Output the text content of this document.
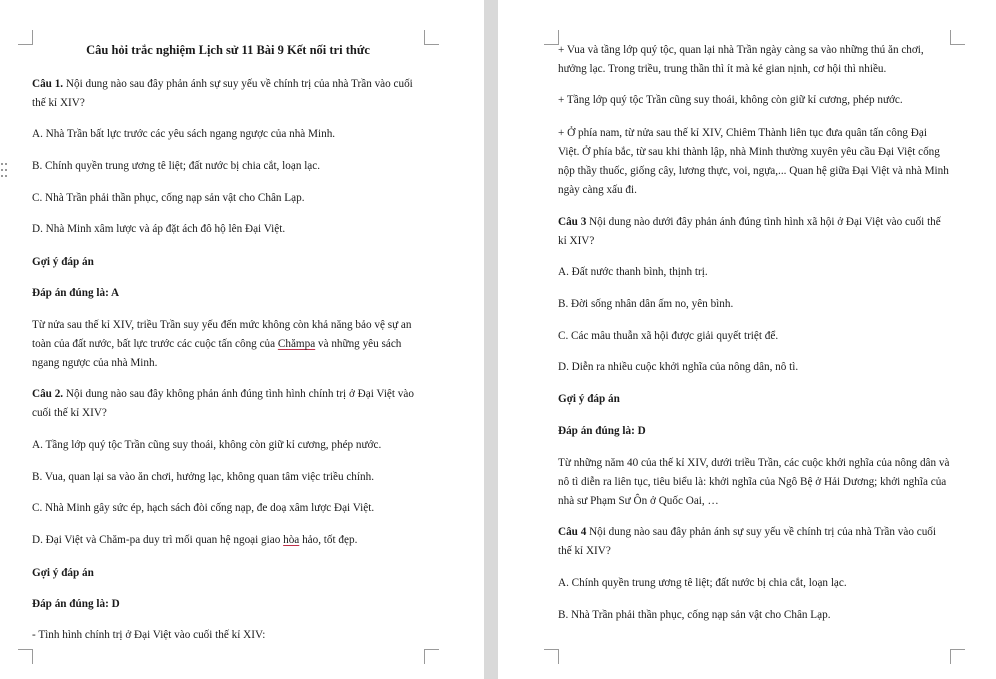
Câu hỏi trắc nghiệm Lịch sử 11 Bài 9 Kết nối tri thức
Câu 1. Nội dung nào sau đây phản ánh sự suy yếu về chính trị của nhà Trần vào cuối thế kỉ XIV?
A. Nhà Trần bất lực trước các yêu sách ngang ngược của nhà Minh.
B. Chính quyền trung ương tê liệt; đất nước bị chia cắt, loạn lạc.
C. Nhà Trần phải thần phục, cống nạp sản vật cho Chân Lạp.
D. Nhà Minh xâm lược và áp đặt ách đô hộ lên Đại Việt.
Gợi ý đáp án
Đáp án đúng là: A
Từ nửa sau thế kỉ XIV, triều Trần suy yếu đến mức không còn khả năng bảo vệ sự an toàn của đất nước, bất lực trước các cuộc tấn công của Chămpa và những yêu sách ngang ngược của nhà Minh.
Câu 2. Nội dung nào sau đây không phản ánh đúng tình hình chính trị ở Đại Việt vào cuối thế kỉ XIV?
A. Tầng lớp quý tộc Trần cũng suy thoái, không còn giữ kỉ cương, phép nước.
B. Vua, quan lại sa vào ăn chơi, hưởng lạc, không quan tâm việc triều chính.
C. Nhà Minh gây sức ép, hạch sách đòi cống nạp, đe doạ xâm lược Đại Việt.
D. Đại Việt và Chăm-pa duy trì mối quan hệ ngoại giao hòa hảo, tốt đẹp.
Gợi ý đáp án
Đáp án đúng là: D
- Tình hình chính trị ở Đại Việt vào cuối thế kỉ XIV:
+ Vua và tầng lớp quý tộc, quan lại nhà Trần ngày càng sa vào những thú ăn chơi, hưởng lạc. Trong triều, trung thần thì ít mà kẻ gian nịnh, cơ hội thì nhiều.
+ Tầng lớp quý tộc Trần cũng suy thoái, không còn giữ kỉ cương, phép nước.
+ Ở phía nam, từ nửa sau thế kỉ XIV, Chiêm Thành liên tục đưa quân tấn công Đại Việt. Ở phía bắc, từ sau khi thành lập, nhà Minh thường xuyên yêu cầu Đại Việt cống nộp thầy thuốc, giống cây, lương thực, voi, ngựa,... Quan hệ giữa Đại Việt và nhà Minh ngày càng xấu đi.
Câu 3 Nội dung nào dưới đây phản ánh đúng tình hình xã hội ở Đại Việt vào cuối thế kỉ XIV?
A. Đất nước thanh bình, thịnh trị.
B. Đời sống nhân dân ấm no, yên bình.
C. Các mâu thuẫn xã hội được giải quyết triệt để.
D. Diễn ra nhiều cuộc khởi nghĩa của nông dân, nô tì.
Gợi ý đáp án
Đáp án đúng là: D
Từ những năm 40 của thế kỉ XIV, dưới triều Trần, các cuộc khởi nghĩa của nông dân và nô tì diễn ra liên tục, tiêu biểu là: khởi nghĩa của Ngô Bệ ở Hải Dương; khởi nghĩa của nhà sư Phạm Sư Ôn ở Quốc Oai, …
Câu 4 Nội dung nào sau đây phản ánh sự suy yếu về chính trị của nhà Trần vào cuối thế kỉ XIV?
A. Chính quyền trung ương tê liệt; đất nước bị chia cắt, loạn lạc.
B. Nhà Trần phải thần phục, cống nạp sản vật cho Chân Lạp.
